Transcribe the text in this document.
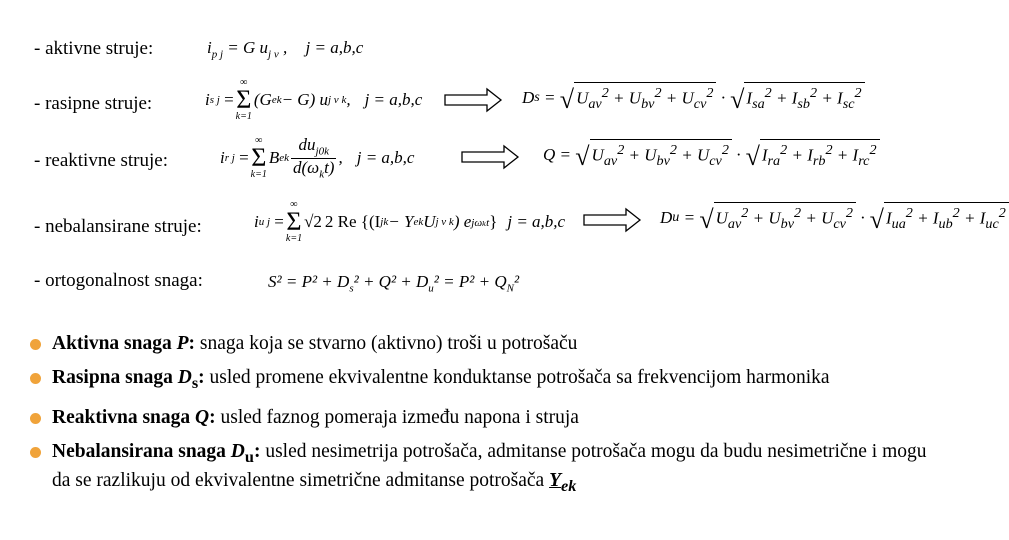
- aktivne struje:
- rasipne struje:
- reaktivne struje:
- nebalansirane struje:
- ortogonalnost snaga:
$i_{p j} = G$ $u_{j v}$ , j = a,b,c
i s j =
∞
Σ
k=1
(G ek − G) u j v k , j = a,b,c
i r j =
∞
Σ
k=1
B ek $\frac{du_{j0k}}{d(\omega_kt)}$ , j = a,b,c
i u j
=
∞
Σ
k=1
√2 2 Re {(I jk − Y ek U j v k ) e jωₖt } j = a,b,c
$S^2 = P^2 + D_s^2 + Q^2 + D_u^2 = P^2 + Q_N^2$
D s = √ $U_{av}^2 + U_{bv}^2 + U_{cv}^2$ · √ $I_{sa}^2 + I_{sb}^2 + I_{sc}^2$
Q = √ $U_{av}^2 + U_{bv}^2 + U_{cv}^2$ · √ $I_{ra}^2 + I_{rb}^2 + I_{rc}^2$
D u = √ $U_{av}^2 + U_{bv}^2 + U_{cv}^2$ · √ $I_{ua}^2 + I_{ub}^2 + I_{uc}^2$
Aktivna snaga P: snaga koja se stvarno (aktivno) troši u potrošaču
Rasipna snaga $D_s$: usled promene ekvivalentne konduktanse potrošača sa frekvencijom harmonika
Reaktivna snaga Q: usled faznog pomeraja između napona i struja
Nebalansirana snaga $D_u$: usled nesimetrija potrošača, admitanse potrošača mogu da budu nesimetrične i mogu da se razlikuju od ekvivalentne simetrične admitanse potrošača $Y_{ek}$
